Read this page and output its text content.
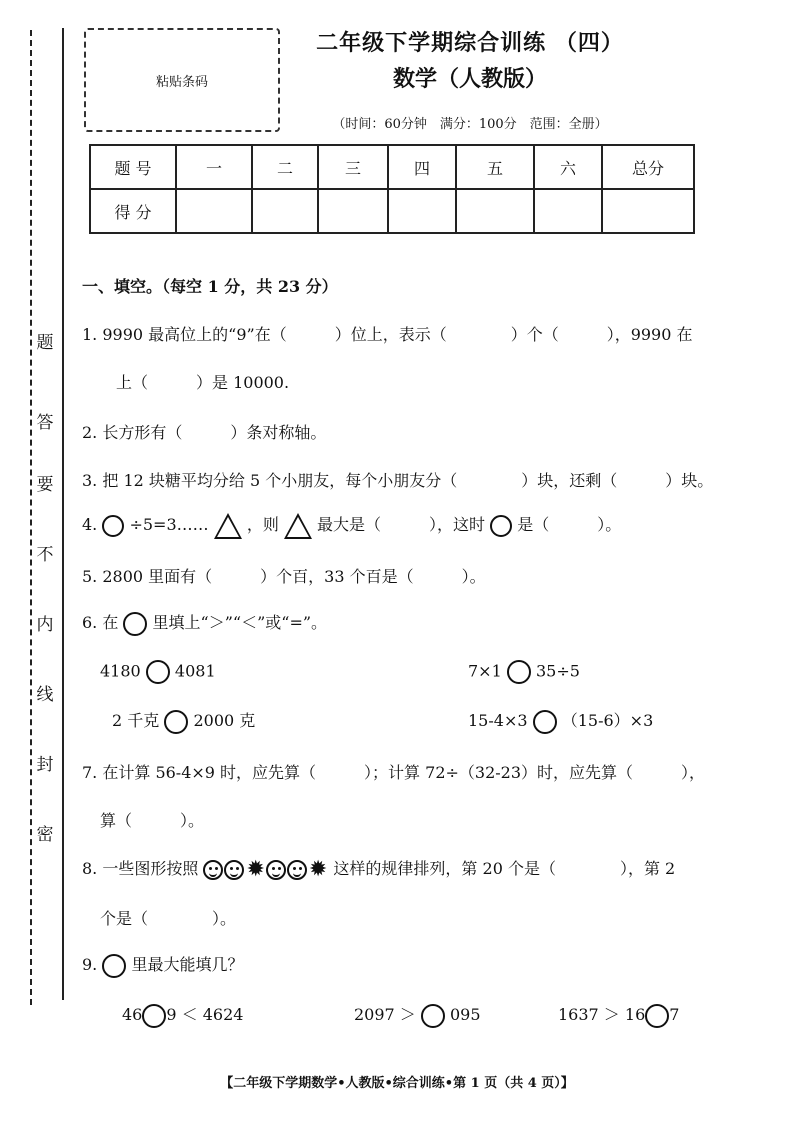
题
答
要
不
内
线
封
密
粘贴条码
二年级下学期综合训练 （四）
数学（人教版）
（时间：60分钟　满分：100分　范围：全册）
题 号	一	二	三	四	五	六	总分
得 分							
一、填空。（每空 1 分，共 23 分）
1. 9990 最高位上的“9”在（　　　）位上，表示（　　　　）个（　　　），9990 在
上（　　　）是 10000.
2. 长方形有（　　　）条对称轴。
3. 把 12 块糖平均分给 5 个小朋友，每个小朋友分（　　　　）块，还剩（　　　）块。
4. ÷5=3…… ，则 最大是（　　　），这时 是（　　　）。
5. 2800 里面有（　　　）个百，33 个百是（　　　）。
6. 在 里填上“＞”“＜”或“=”。
4180 4081	7×1 35÷5
2 千克 2000 克	15-4×3 （15-6）×3
7. 在计算 56-4×9 时，应先算（　　　）；计算 72÷（32-23）时，应先算（　　　），
算（　　　）。
8. 一些图形按照 ✹ ✹ 这样的规律排列，第 20 个是（　　　　），第 2
个是（　　　　）。
9. 里最大能填几？
46 9 ＜ 4624	2097 ＞ 095	1637 ＞ 16 7
【二年级下学期数学•人教版•综合训练•第 1 页（共 4 页）】
